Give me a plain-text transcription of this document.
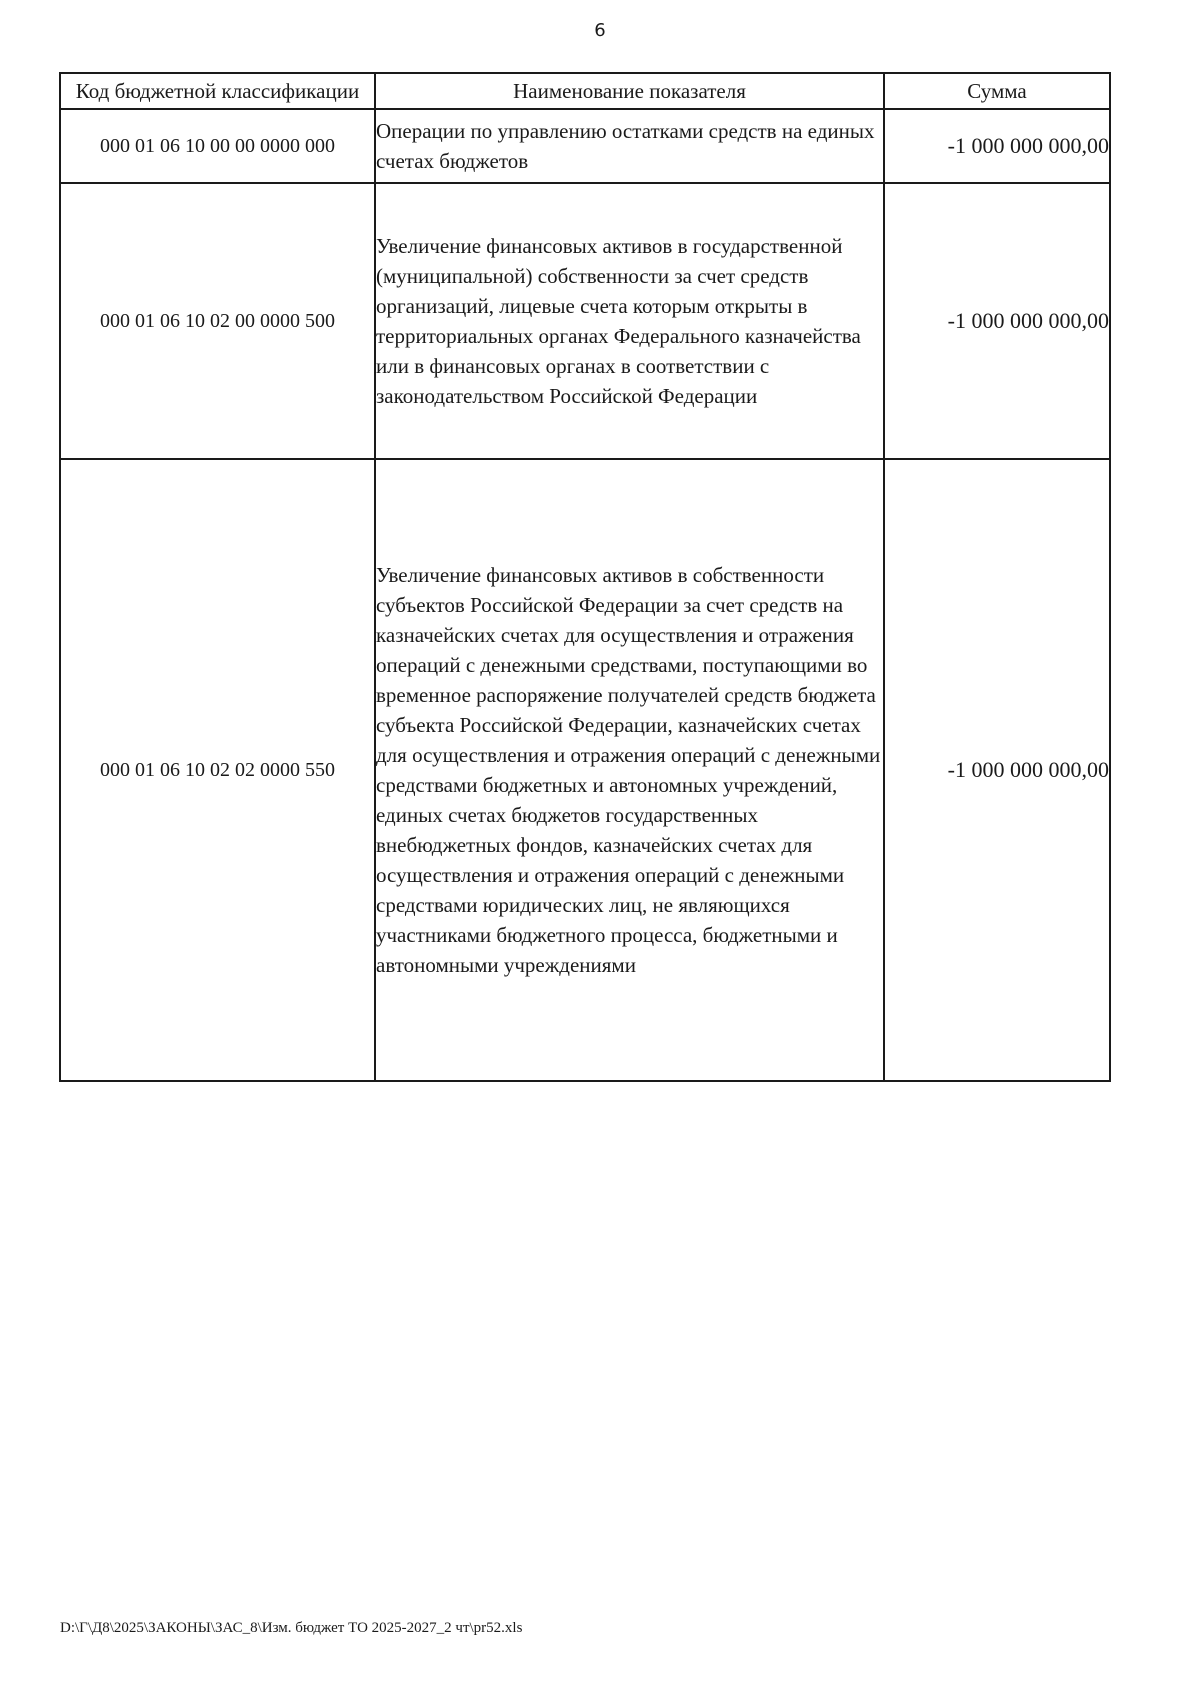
6
Код бюджетной классификации	Наименование показателя	Сумма
000 01 06 10 00 00 0000 000	Операции по управлению остатками средств на единых счетах бюджетов	-1 000 000 000,00
000 01 06 10 02 00 0000 500	Увеличение финансовых активов в государственной (муниципальной) собственности за счет средств организаций, лицевые счета которым открыты в территориальных органах Федерального казначейства или в финансовых органах в соответствии с законодательством Российской Федерации	-1 000 000 000,00
000 01 06 10 02 02 0000 550	Увеличение финансовых активов в собственности субъектов Российской Федерации за счет средств на казначейских счетах для осуществления и отражения операций с денежными средствами, поступающими во временное распоряжение получателей средств бюджета субъекта Российской Федерации, казначейских счетах для осуществления и отражения операций с денежными средствами бюджетных и автономных учреждений, единых счетах бюджетов государственных внебюджетных фондов, казначейских счетах для осуществления и отражения операций с денежными средствами юридических лиц, не являющихся участниками бюджетного процесса, бюджетными и автономными учреждениями	-1 000 000 000,00
D:\Г\Д8\2025\ЗАКОНЫ\ЗАС_8\Изм. бюджет ТО 2025-2027_2 чт\pr52.xls
